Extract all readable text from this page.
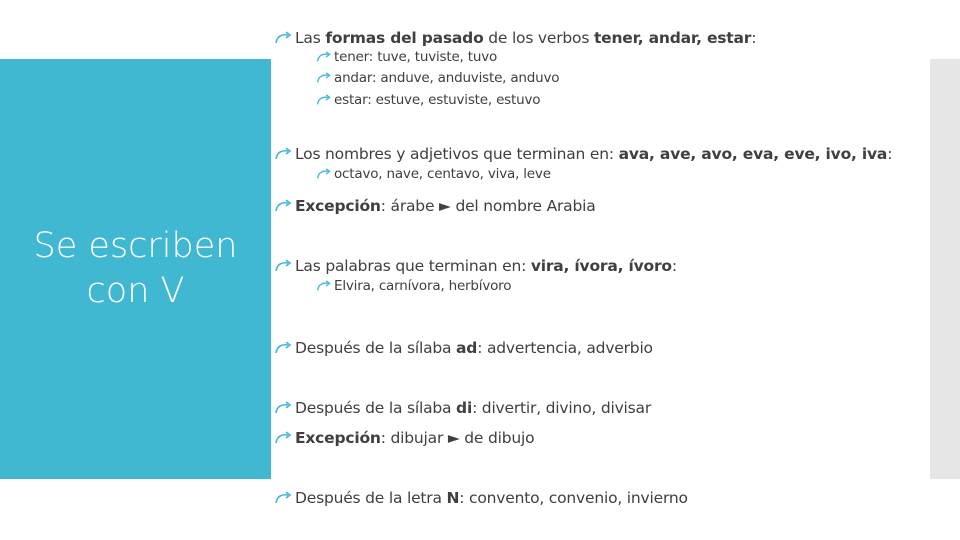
Se escriben
con V
Las formas del pasado de los verbos tener, andar, estar:
tener: tuve, tuviste, tuvo
andar: anduve, anduviste, anduvo
estar: estuve, estuviste, estuvo
Los nombres y adjetivos que terminan en: ava, ave, avo, eva, eve, ivo, iva:
octavo, nave, centavo, viva, leve
Excepción: árabe ► del nombre Arabia
Las palabras que terminan en: vira, ívora, ívoro:
Elvira, carnívora, herbívoro
Después de la sílaba ad: advertencia, adverbio
Después de la sílaba di: divertir, divino, divisar
Excepción: dibujar ► de dibujo
Después de la letra N: convento, convenio, invierno
